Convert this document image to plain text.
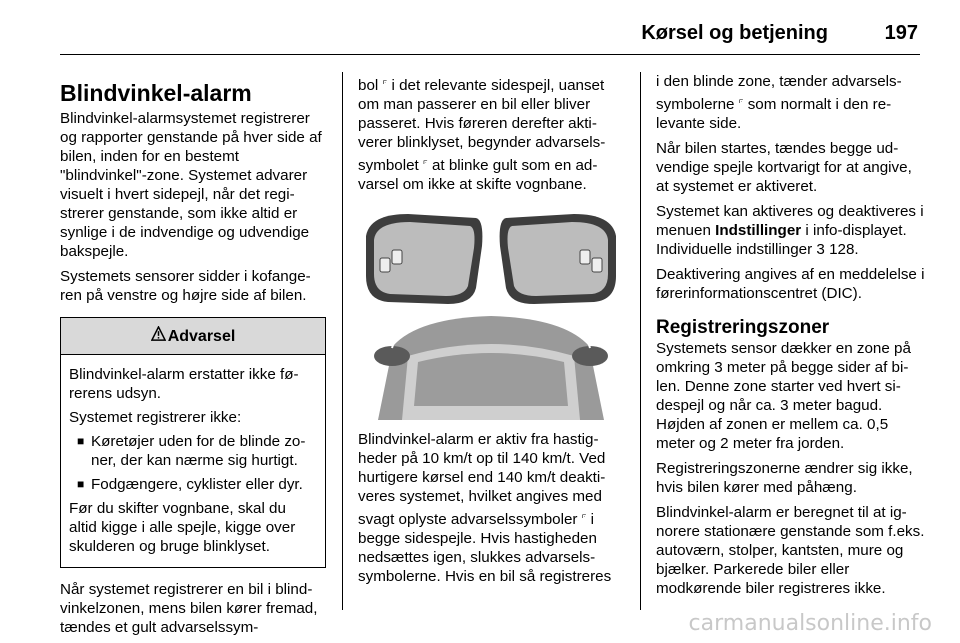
Kørsel og betjening	197
Blindvinkel-alarm

Blindvinkel-alarmsystemet registrerer og rapporter genstande på hver side af bilen, inden for en bestemt "blindvinkel"-zone. Systemet advarer visuelt i hvert sidepejl, når det registrerer genstande, som ikke altid er synlige i de indvendige og udvendige bakspejle.

Systemets sensorer sidder i kofangeren på venstre og højre side af bilen.

Advarsel

Blindvinkel-alarm erstatter ikke førerens udsyn.

Systemet registrerer ikke:

■ Køretøjer uden for de blinde zoner, der kan nærme sig hurtigt.
■ Fodgængere, cyklister eller dyr.

Før du skifter vognbane, skal du altid kigge i alle spejle, kigge over skulderen og bruge blinklyset.

Når systemet registrerer en bil i blindvinkelzonen, mens bilen kører fremad, tændes et gult advarselssym-

bol ⟔ i det relevante sidespejl, uanset om man passerer en bil eller bliver passeret. Hvis føreren derefter aktiverer blinklyset, begynder advarselssymbolet ⟔ at blinke gult som en advarsel om ikke at skifte vognbane.

Blindvinkel-alarm er aktiv fra hastigheder på 10 km/t op til 140 km/t. Ved hurtigere kørsel end 140 km/t deaktiveres systemet, hvilket angives med svagt oplyste advarselssymboler ⟔ i begge sidespejle. Hvis hastigheden nedsættes igen, slukkes advarselssymbolerne. Hvis en bil så registreres

i den blinde zone, tænder advarselssymbolerne ⟔ som normalt i den relevante side.

Når bilen startes, tændes begge udvendige spejle kortvarigt for at angive, at systemet er aktiveret.

Systemet kan aktiveres og deaktiveres i menuen Indstillinger i info-displayet. Individuelle indstillinger 3 128.

Deaktivering angives af en meddelelse i førerinformationscentret (DIC).

Registreringszoner

Systemets sensor dækker en zone på omkring 3 meter på begge sider af bilen. Denne zone starter ved hvert sidespejl og når ca. 3 meter bagud. Højden af zonen er mellem ca. 0,5 meter og 2 meter fra jorden.

Registreringszonerne ændrer sig ikke, hvis bilen kører med påhæng.

Blindvinkel-alarm er beregnet til at ignorere stationære genstande som f.eks. autoværn, stolper, kantsten, mure og bjælker. Parkerede biler eller modkørende biler registreres ikke.

carmanualsonline.info
